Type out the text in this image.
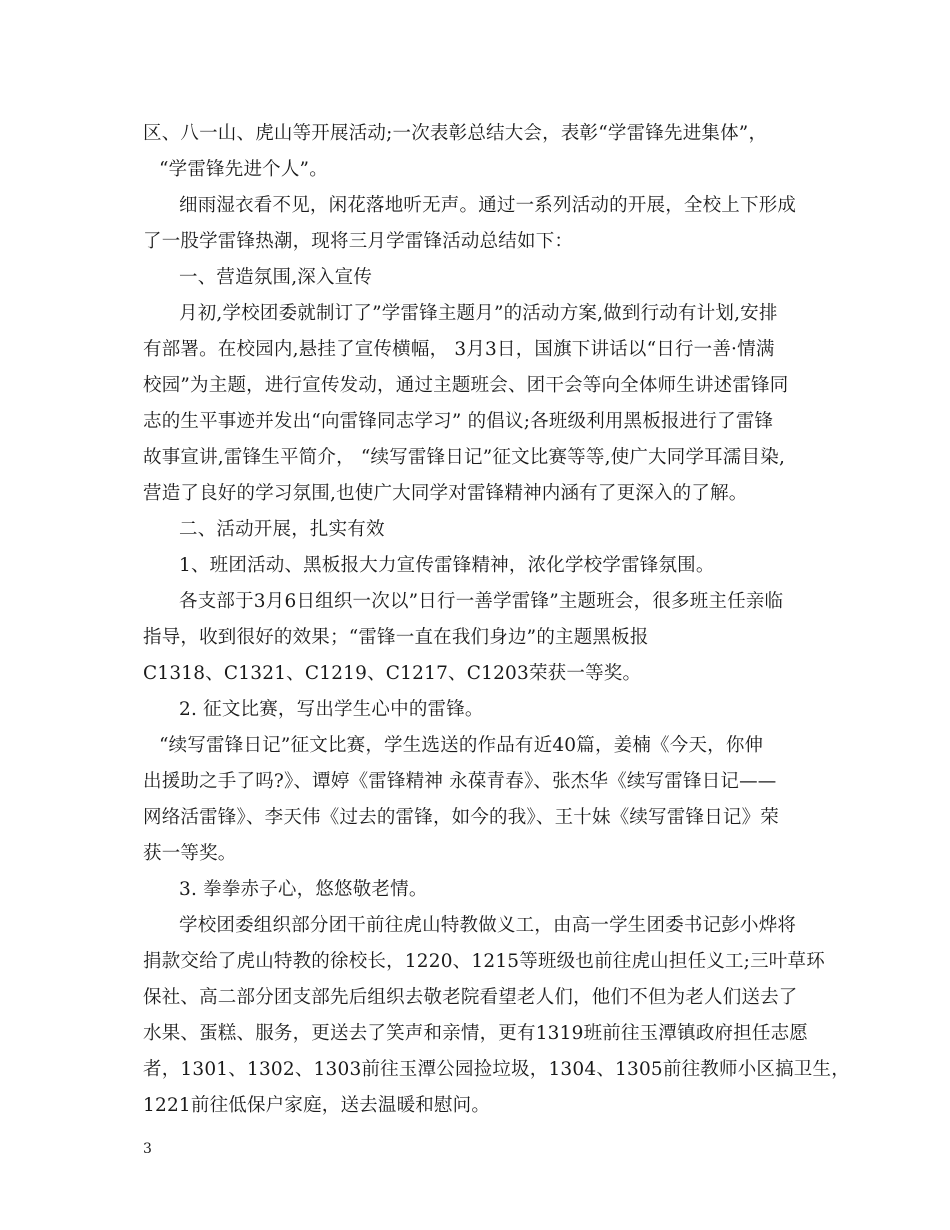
区、八一山、虎山等开展活动;一次表彰总结大会，表彰“学雷锋先进集体”，
“学雷锋先进个人”。
细雨湿衣看不见，闲花落地听无声。通过一系列活动的开展，全校上下形成
了一股学雷锋热潮，现将三月学雷锋活动总结如下：
一、营造氛围,深入宣传
月初,学校团委就制订了”学雷锋主题月”的活动方案,做到行动有计划,安排
有部署。在校园内,悬挂了宣传横幅， 3月3日，国旗下讲话以“日行一善·情满
校园”为主题，进行宣传发动，通过主题班会、团干会等向全体师生讲述雷锋同
志的生平事迹并发出“向雷锋同志学习” 的倡议;各班级利用黑板报进行了雷锋
故事宣讲,雷锋生平简介， “续写雷锋日记”征文比赛等等,使广大同学耳濡目染,
营造了良好的学习氛围,也使广大同学对雷锋精神内涵有了更深入的了解。
二、活动开展，扎实有效
1、班团活动、黑板报大力宣传雷锋精神，浓化学校学雷锋氛围。
各支部于3月6日组织一次以”日行一善学雷锋”主题班会，很多班主任亲临
指导，收到很好的效果；“雷锋一直在我们身边”的主题黑板报
C1318、C1321、C1219、C1217、C1203荣获一等奖。
2. 征文比赛，写出学生心中的雷锋。
“续写雷锋日记”征文比赛，学生选送的作品有近40篇，姜楠《今天，你伸
出援助之手了吗?》、谭婷《雷锋精神 永葆青春》、张杰华《续写雷锋日记——
网络活雷锋》、李天伟《过去的雷锋，如今的我》、王十妹《续写雷锋日记》荣
获一等奖。
3. 拳拳赤子心，悠悠敬老情。
学校团委组织部分团干前往虎山特教做义工，由高一学生团委书记彭小烨将
捐款交给了虎山特教的徐校长，1220、1215等班级也前往虎山担任义工;三叶草环
保社、高二部分团支部先后组织去敬老院看望老人们，他们不但为老人们送去了
水果、蛋糕、服务，更送去了笑声和亲情，更有1319班前往玉潭镇政府担任志愿
者，1301、1302、1303前往玉潭公园捡垃圾，1304、1305前往教师小区搞卫生，
1221前往低保户家庭，送去温暖和慰问。
3
